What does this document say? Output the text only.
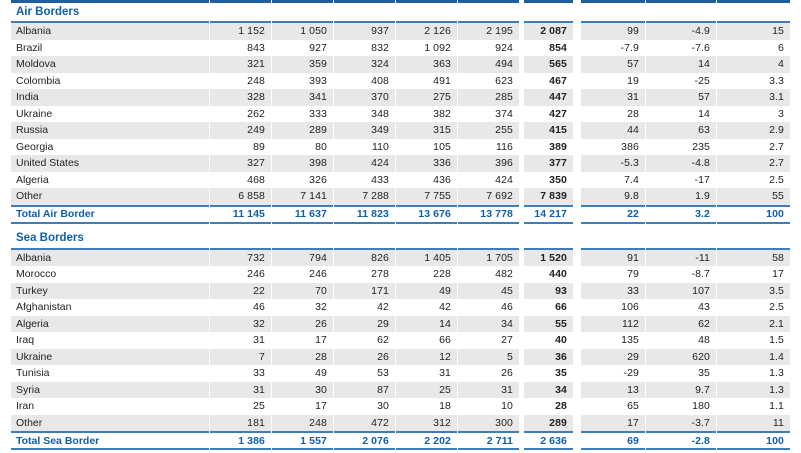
Air Borders
Albania	1 152	1 050	937	2 126	2 195	2 087	99	-4.9	15
Brazil	843	927	832	1 092	924	854	-7.9	-7.6	6
Moldova	321	359	324	363	494	565	57	14	4
Colombia	248	393	408	491	623	467	19	-25	3.3
India	328	341	370	275	285	447	31	57	3.1
Ukraine	262	333	348	382	374	427	28	14	3
Russia	249	289	349	315	255	415	44	63	2.9
Georgia	89	80	110	105	116	389	386	235	2.7
United States	327	398	424	336	396	377	-5.3	-4.8	2.7
Algeria	468	326	433	436	424	350	7.4	-17	2.5
Other	6 858	7 141	7 288	7 755	7 692	7 839	9.8	1.9	55
Total Air Border	11 145	11 637	11 823	13 676	13 778	14 217	22	3.2	100
Sea Borders
Albania	732	794	826	1 405	1 705	1 520	91	-11	58
Morocco	246	246	278	228	482	440	79	-8.7	17
Turkey	22	70	171	49	45	93	33	107	3.5
Afghanistan	46	32	42	42	46	66	106	43	2.5
Algeria	32	26	29	14	34	55	112	62	2.1
Iraq	31	17	62	66	27	40	135	48	1.5
Ukraine	7	28	26	12	5	36	29	620	1.4
Tunisia	33	49	53	31	26	35	-29	35	1.3
Syria	31	30	87	25	31	34	13	9.7	1.3
Iran	25	17	30	18	10	28	65	180	1.1
Other	181	248	472	312	300	289	17	-3.7	11
Total Sea Border	1 386	1 557	2 076	2 202	2 711	2 636	69	-2.8	100
